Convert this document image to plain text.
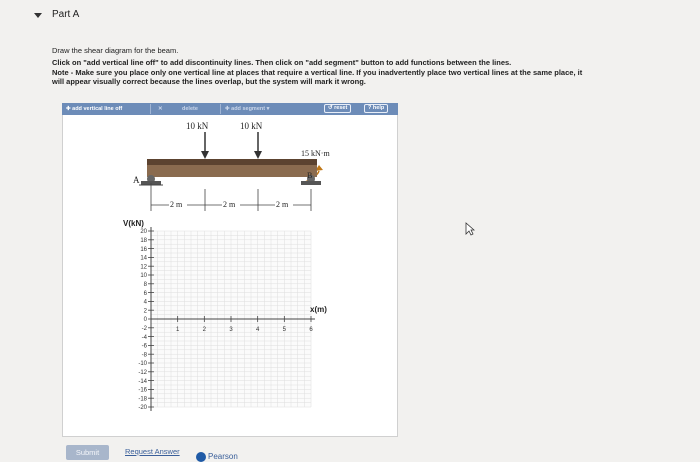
Part A
Draw the shear diagram for the beam.
Click on "add vertical line off" to add discontinuity lines. Then click on "add segment" button to add functions between the lines.
Note - Make sure you place only one vertical line at places that require a vertical line. If you inadvertently place two vertical lines at the same place, it
will appear visually correct because the lines overlap, but the system will mark it wrong.
✚ add vertical line off	✕	delete	✚ add segment ▾	↺ reset	? help
10 kN	10 kN
15 kN·m
A	B
2 m	2 m	2 m
20
18
16
14
12
10
8
6
4
2
0
-2
-4
-6
-8
-10
-12
-14
-16
-18
-20
1	2	3	4	5	6
V(kN)
x(m)
Submit	Request Answer
Pearson
